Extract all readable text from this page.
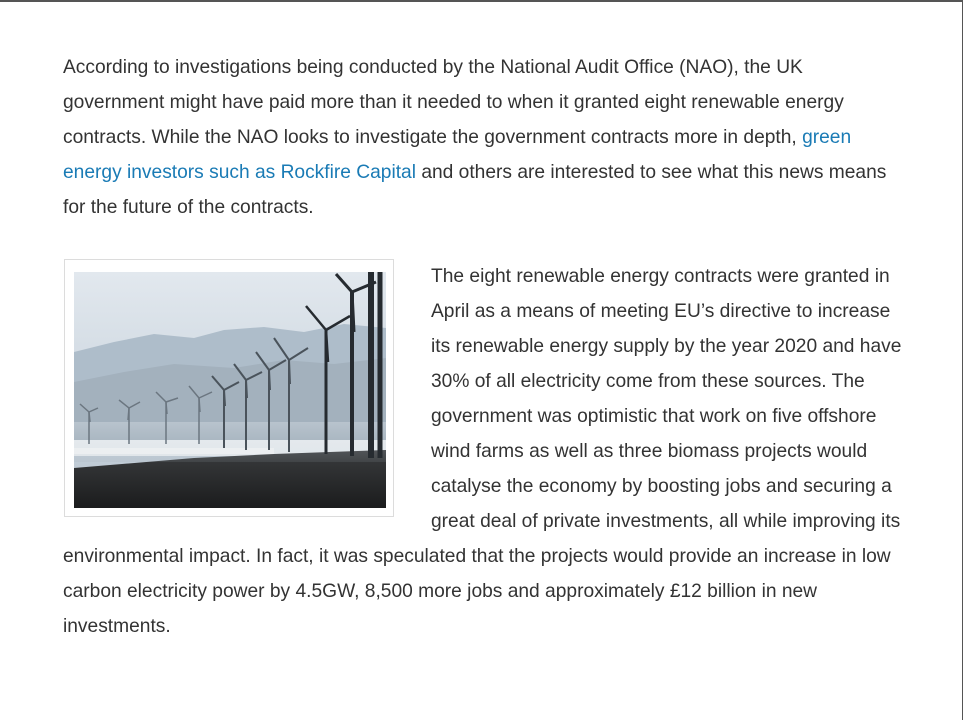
According to investigations being conducted by the National Audit Office (NAO), the UK government might have paid more than it needed to when it granted eight renewable energy contracts. While the NAO looks to investigate the government contracts more in depth, green energy investors such as Rockfire Capital and others are interested to see what this news means for the future of the contracts.

The eight renewable energy contracts were granted in April as a means of meeting EU’s directive to increase its renewable energy supply by the year 2020 and have 30% of all electricity come from these sources. The government was optimistic that work on five offshore wind farms as well as three biomass projects would catalyse the economy by boosting jobs and securing a great deal of private investments, all while improving its environmental impact. In fact, it was speculated that the projects would provide an increase in low carbon electricity power by 4.5GW, 8,500 more jobs and approximately £12 billion in new investments.
